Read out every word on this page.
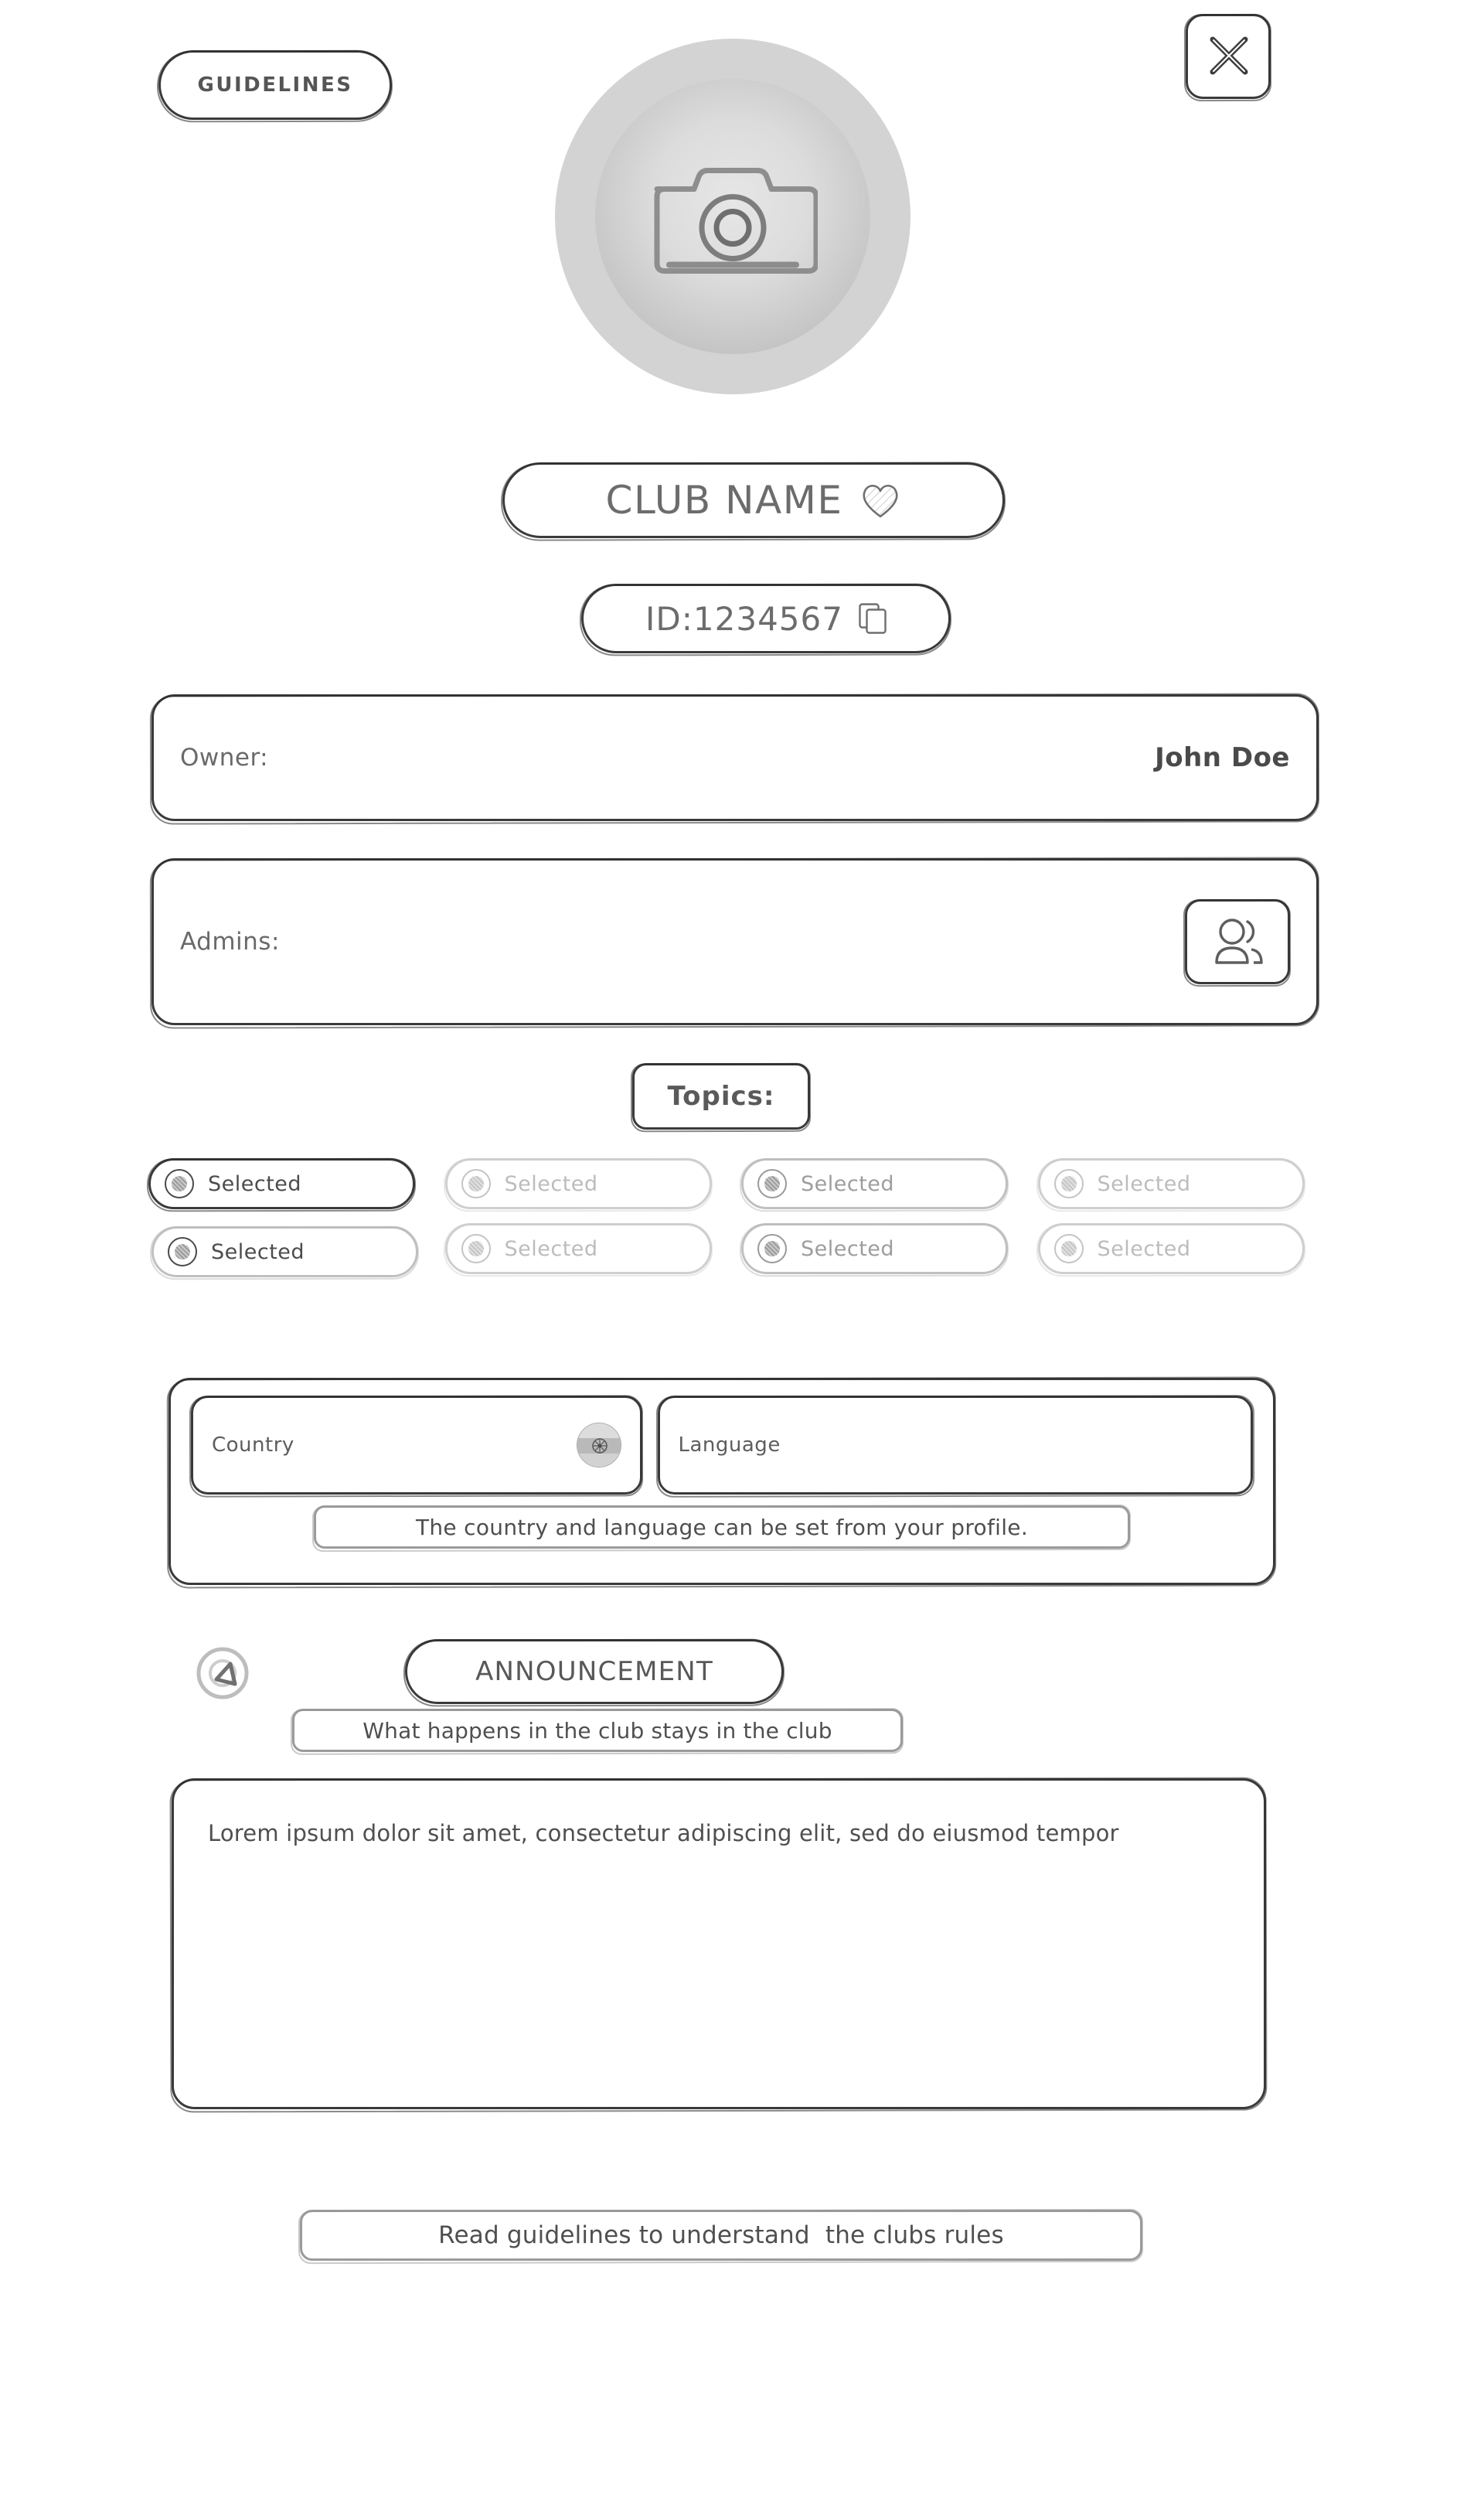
GUIDELINES
CLUB NAME
ID:1234567
Owner:	John Doe
Admins:
Topics:
Selected	Selected	Selected	Selected
Selected	Selected	Selected	Selected
Country	Language
The country and language can be set from your profile.
ANNOUNCEMENT
What happens in the club stays in the club
Lorem ipsum dolor sit amet, consectetur adipiscing elit, sed do eiusmod tempor
Read guidelines to understand  the clubs rules
